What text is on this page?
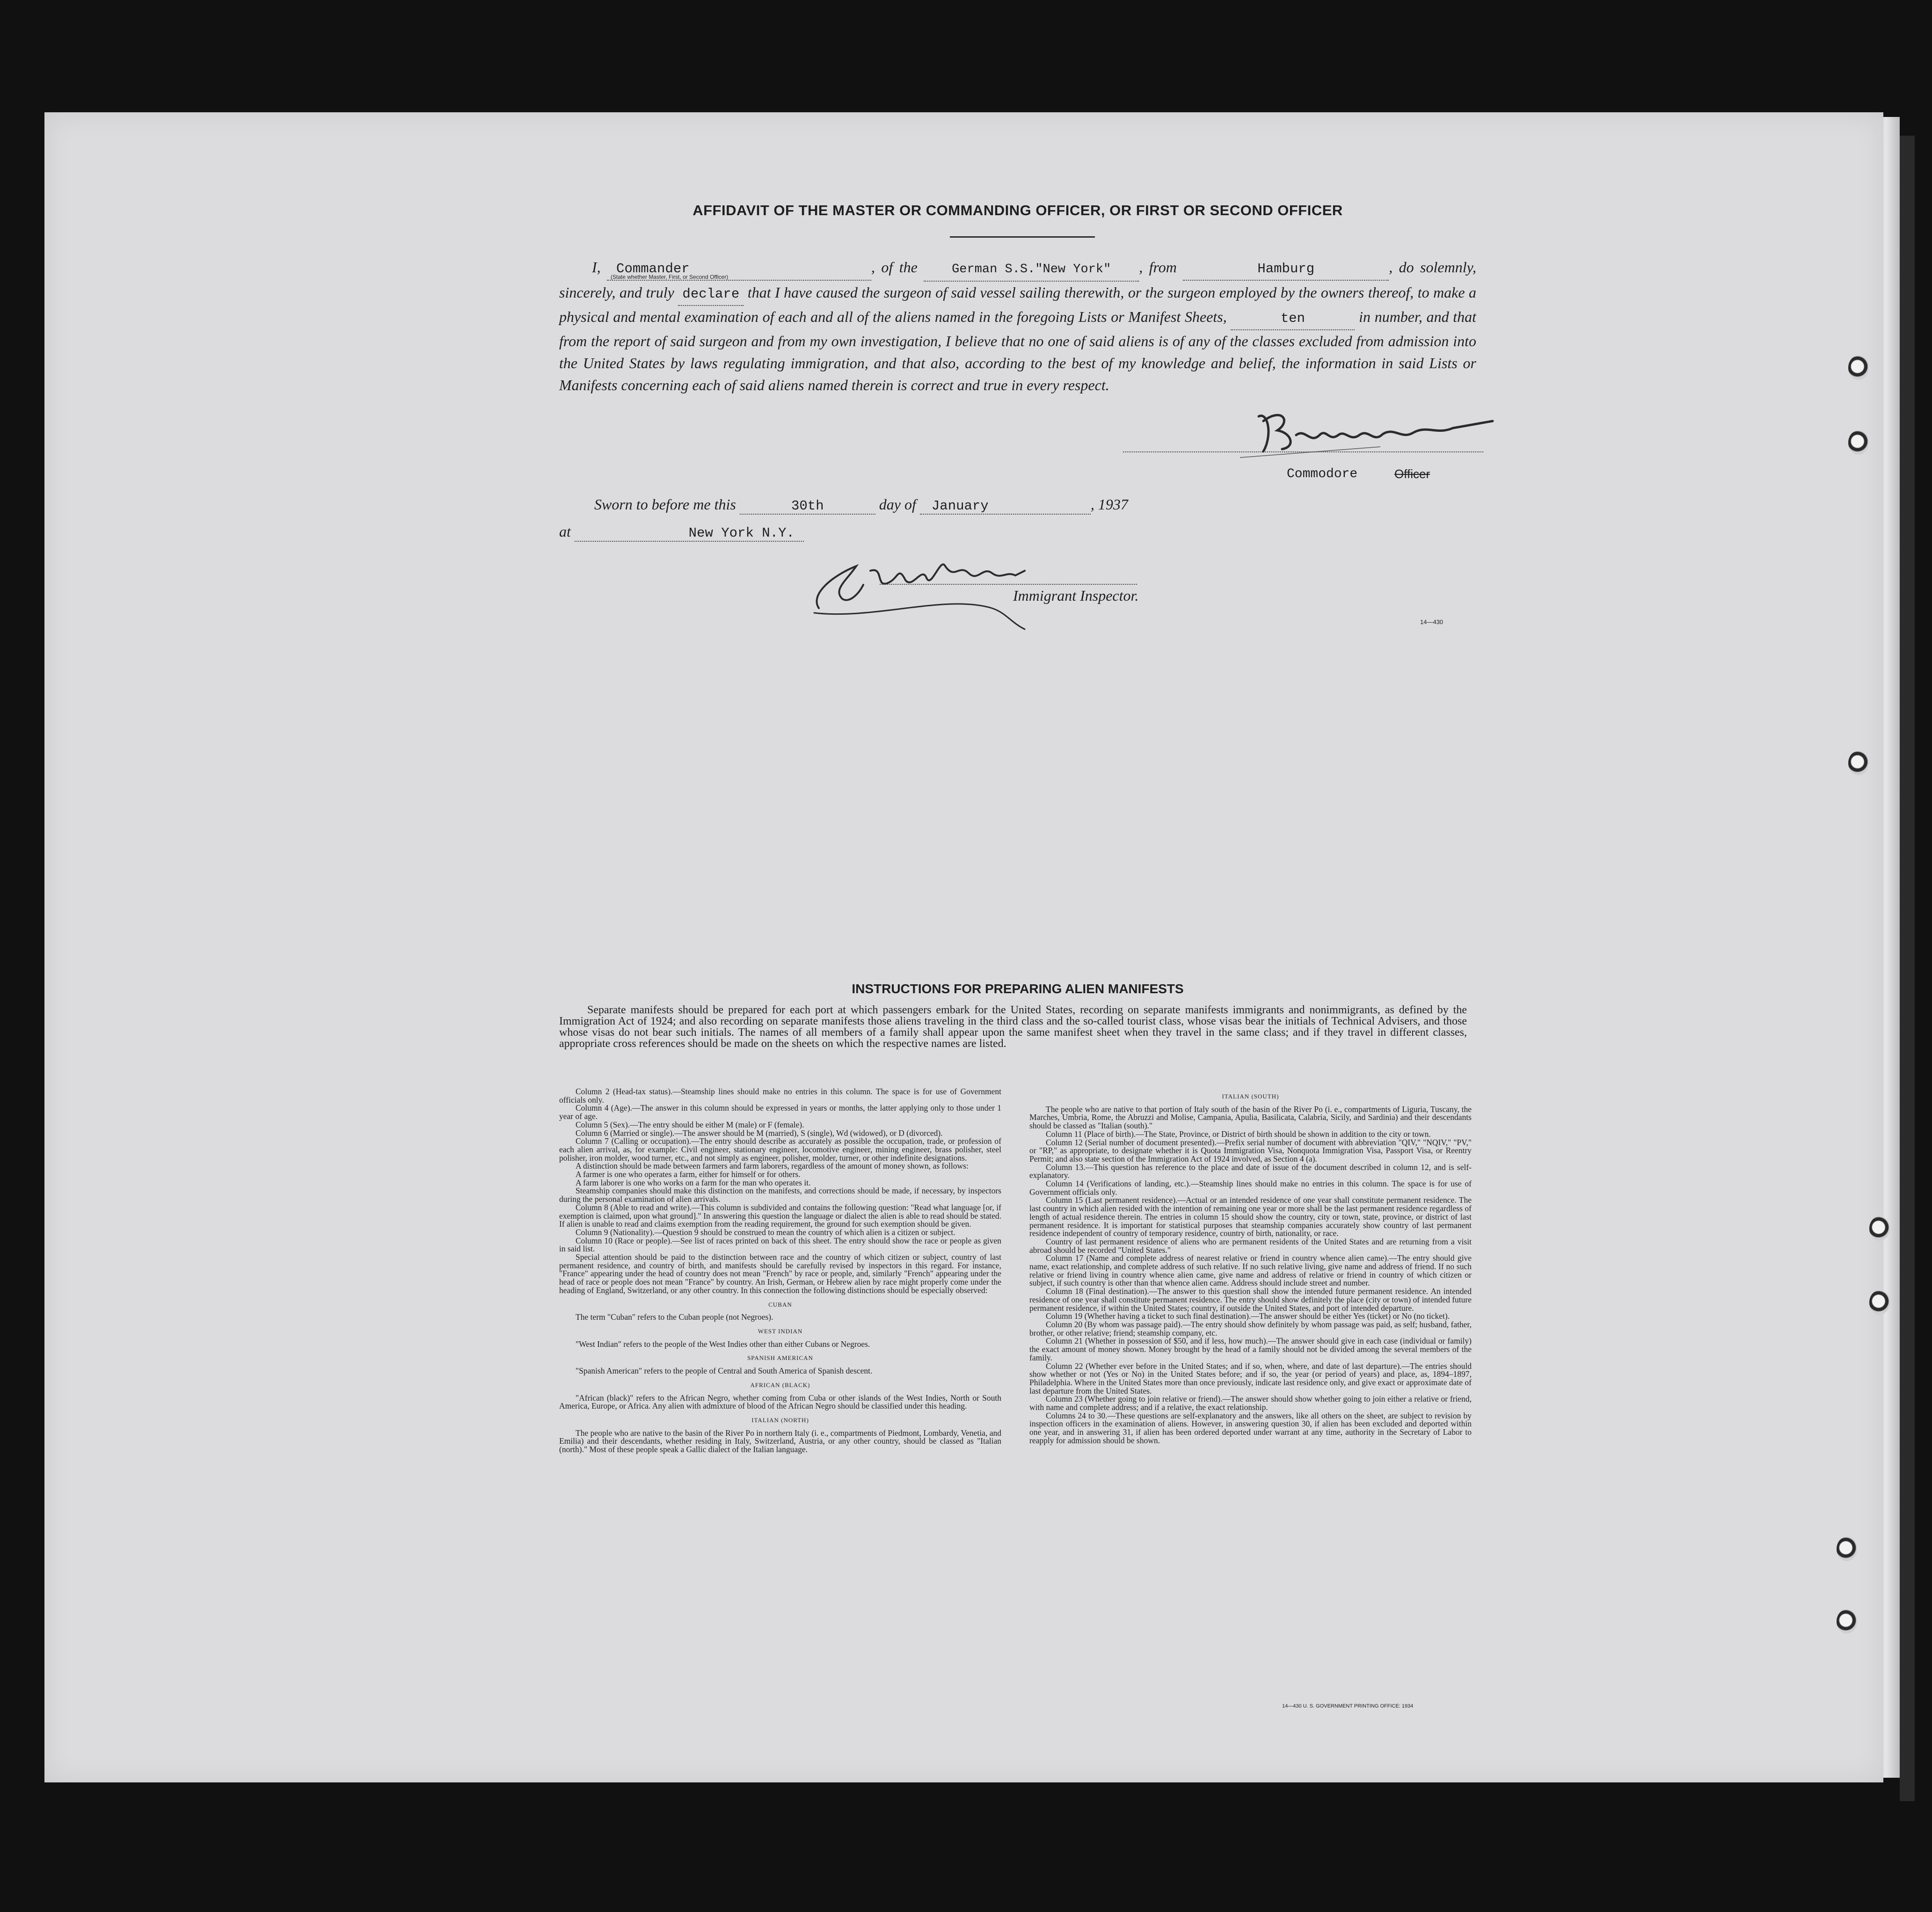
AFFIDAVIT OF THE MASTER OR COMMANDING OFFICER, OR FIRST OR SECOND OFFICER
I, Commander	, of the	German S.S."New York" , from	Hamburg	, do solemnly, sincerely, and truly declare that I have caused the surgeon of said vessel sailing therewith, or the surgeon employed by the owners thereof, to make a physical and mental examination of each and all of the aliens named in the foregoing Lists or Manifest Sheets,	ten	in number, and that from the report of said surgeon and from my own investigation, I believe that no one of said aliens is of any of the classes excluded from admission into the United States by laws regulating immigration, and that also, according to the best of my knowledge and belief, the information in said Lists or Manifests concerning each of said aliens named therein is correct and true in every respect.
(State whether Master, First, or Second Officer)
Commodore	Officer
Sworn to before me this	30th	day of January	, 1937
at	New York N.Y.
Immigrant Inspector.
14—430
INSTRUCTIONS FOR PREPARING ALIEN MANIFESTS
Separate manifests should be prepared for each port at which passengers embark for the United States, recording on separate manifests immigrants and nonimmigrants, as defined by the Immigration Act of 1924; and also recording on separate manifests those aliens traveling in the third class and the so-called tourist class, whose visas bear the initials of Technical Advisers, and those whose visas do not bear such initials. The names of all members of a family shall appear upon the same manifest sheet when they travel in the same class; and if they travel in different classes, appropriate cross references should be made on the sheets on which the respective names are listed.

Column 2 (Head-tax status).—Steamship lines should make no entries in this column. The space is for use of Government officials only.

Column 4 (Age).—The answer in this column should be expressed in years or months, the latter applying only to those under 1 year of age.

Column 5 (Sex).—The entry should be either M (male) or F (female).

Column 6 (Married or single).—The answer should be M (married), S (single), Wd (widowed), or D (divorced).

Column 7 (Calling or occupation).—The entry should describe as accurately as possible the occupation, trade, or profession of each alien arrival, as, for example: Civil engineer, stationary engineer, locomotive engineer, mining engineer, brass polisher, steel polisher, iron molder, wood turner, etc., and not simply as engineer, polisher, molder, turner, or other indefinite designations.

A distinction should be made between farmers and farm laborers, regardless of the amount of money shown, as follows:

A farmer is one who operates a farm, either for himself or for others.

A farm laborer is one who works on a farm for the man who operates it.

Steamship companies should make this distinction on the manifests, and corrections should be made, if necessary, by inspectors during the personal examination of alien arrivals.

Column 8 (Able to read and write).—This column is subdivided and contains the following question: "Read what language [or, if exemption is claimed, upon what ground]." In answering this question the language or dialect the alien is able to read should be stated. If alien is unable to read and claims exemption from the reading requirement, the ground for such exemption should be given.

Column 9 (Nationality).—Question 9 should be construed to mean the country of which alien is a citizen or subject.

Column 10 (Race or people).—See list of races printed on back of this sheet. The entry should show the race or people as given in said list.

Special attention should be paid to the distinction between race and the country of which citizen or subject, country of last permanent residence, and country of birth, and manifests should be carefully revised by inspectors in this regard. For instance, "France" appearing under the head of country does not mean "French" by race or people, and, similarly "French" appearing under the head of race or people does not mean "France" by country. An Irish, German, or Hebrew alien by race might properly come under the heading of England, Switzerland, or any other country. In this connection the following distinctions should be especially observed:

CUBAN

The term "Cuban" refers to the Cuban people (not Negroes).

WEST INDIAN

"West Indian" refers to the people of the West Indies other than either Cubans or Negroes.

SPANISH AMERICAN

"Spanish American" refers to the people of Central and South America of Spanish descent.

AFRICAN (BLACK)

"African (black)" refers to the African Negro, whether coming from Cuba or other islands of the West Indies, North or South America, Europe, or Africa. Any alien with admixture of blood of the African Negro should be classified under this heading.

ITALIAN (NORTH)

The people who are native to the basin of the River Po in northern Italy (i. e., compartments of Piedmont, Lombardy, Venetia, and Emilia) and their descendants, whether residing in Italy, Switzerland, Austria, or any other country, should be classed as "Italian (north)." Most of these people speak a Gallic dialect of the Italian language.

ITALIAN (SOUTH)

The people who are native to that portion of Italy south of the basin of the River Po (i. e., compartments of Liguria, Tuscany, the Marches, Umbria, Rome, the Abruzzi and Molise, Campania, Apulia, Basilicata, Calabria, Sicily, and Sardinia) and their descendants should be classed as "Italian (south)."

Column 11 (Place of birth).—The State, Province, or District of birth should be shown in addition to the city or town.

Column 12 (Serial number of document presented).—Prefix serial number of document with abbreviation "QIV," "NQIV," "PV," or "RP," as appropriate, to designate whether it is Quota Immigration Visa, Nonquota Immigration Visa, Passport Visa, or Reentry Permit; and also state section of the Immigration Act of 1924 involved, as Section 4 (a).

Column 13.—This question has reference to the place and date of issue of the document described in column 12, and is self-explanatory.

Column 14 (Verifications of landing, etc.).—Steamship lines should make no entries in this column. The space is for use of Government officials only.

Column 15 (Last permanent residence).—Actual or an intended residence of one year shall constitute permanent residence. The last country in which alien resided with the intention of remaining one year or more shall be the last permanent residence regardless of length of actual residence therein. The entries in column 15 should show the country, city or town, state, province, or district of last permanent residence. It is important for statistical purposes that steamship companies accurately show country of last permanent residence independent of country of temporary residence, country of birth, nationality, or race.

Country of last permanent residence of aliens who are permanent residents of the United States and are returning from a visit abroad should be recorded "United States."

Column 17 (Name and complete address of nearest relative or friend in country whence alien came).—The entry should give name, exact relationship, and complete address of such relative. If no such relative living, give name and address of friend. If no such relative or friend living in country whence alien came, give name and address of relative or friend in country of which citizen or subject, if such country is other than that whence alien came. Address should include street and number.

Column 18 (Final destination).—The answer to this question shall show the intended future permanent residence. An intended residence of one year shall constitute permanent residence. The entry should show definitely the place (city or town) of intended future permanent residence, if within the United States; country, if outside the United States, and port of intended departure.

Column 19 (Whether having a ticket to such final destination).—The answer should be either Yes (ticket) or No (no ticket).

Column 20 (By whom was passage paid).—The entry should show definitely by whom passage was paid, as self; husband, father, brother, or other relative; friend; steamship company, etc.

Column 21 (Whether in possession of $50, and if less, how much).—The answer should give in each case (individual or family) the exact amount of money shown. Money brought by the head of a family should not be divided among the several members of the family.

Column 22 (Whether ever before in the United States; and if so, when, where, and date of last departure).—The entries should show whether or not (Yes or No) in the United States before; and if so, the year (or period of years) and place, as, 1894–1897, Philadelphia. Where in the United States more than once previously, indicate last residence only, and give exact or approximate date of last departure from the United States.

Column 23 (Whether going to join relative or friend).—The answer should show whether going to join either a relative or friend, with name and complete address; and if a relative, the exact relationship.

Columns 24 to 30.—These questions are self-explanatory and the answers, like all others on the sheet, are subject to revision by inspection officers in the examination of aliens. However, in answering question 30, if alien has been excluded and deported within one year, and in answering 31, if alien has been ordered deported under warrant at any time, authority in the Secretary of Labor to reapply for admission should be shown.

14—430 U. S. GOVERNMENT PRINTING OFFICE: 1934
